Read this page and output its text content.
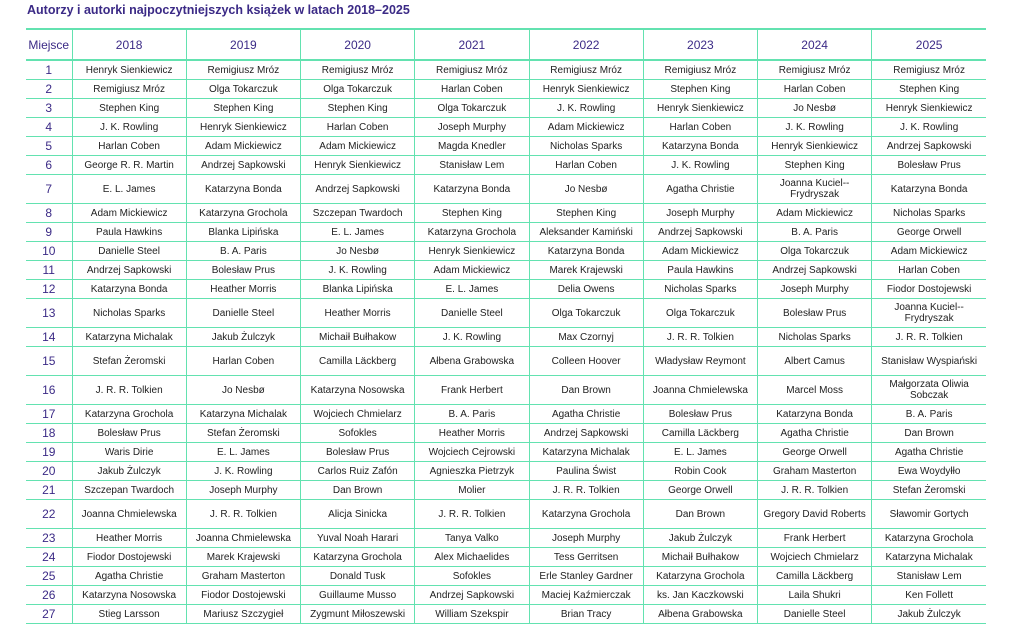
Autorzy i autorki najpoczytniejszych książek w latach 2018–2025
Miejsce	2018	2019	2020	2021	2022	2023	2024	2025
1	Henryk Sienkiewicz	Remigiusz Mróz	Remigiusz Mróz	Remigiusz Mróz	Remigiusz Mróz	Remigiusz Mróz	Remigiusz Mróz	Remigiusz Mróz
2	Remigiusz Mróz	Olga Tokarczuk	Olga Tokarczuk	Harlan Coben	Henryk Sienkiewicz	Stephen King	Harlan Coben	Stephen King
3	Stephen King	Stephen King	Stephen King	Olga Tokarczuk	J. K. Rowling	Henryk Sienkiewicz	Jo Nesbø	Henryk Sienkiewicz
4	J. K. Rowling	Henryk Sienkiewicz	Harlan Coben	Joseph Murphy	Adam Mickiewicz	Harlan Coben	J. K. Rowling	J. K. Rowling
5	Harlan Coben	Adam Mickiewicz	Adam Mickiewicz	Magda Knedler	Nicholas Sparks	Katarzyna Bonda	Henryk Sienkiewicz	Andrzej Sapkowski
6	George R. R. Martin	Andrzej Sapkowski	Henryk Sienkiewicz	Stanisław Lem	Harlan Coben	J. K. Rowling	Stephen King	Bolesław Prus
7	E. L. James	Katarzyna Bonda	Andrzej Sapkowski	Katarzyna Bonda	Jo Nesbø	Agatha Christie	Joanna Kuciel--Frydryszak	Katarzyna Bonda
8	Adam Mickiewicz	Katarzyna Grochola	Szczepan Twardoch	Stephen King	Stephen King	Joseph Murphy	Adam Mickiewicz	Nicholas Sparks
9	Paula Hawkins	Blanka Lipińska	E. L. James	Katarzyna Grochola	Aleksander Kamiński	Andrzej Sapkowski	B. A. Paris	George Orwell
10	Danielle Steel	B. A. Paris	Jo Nesbø	Henryk Sienkiewicz	Katarzyna Bonda	Adam Mickiewicz	Olga Tokarczuk	Adam Mickiewicz
11	Andrzej Sapkowski	Bolesław Prus	J. K. Rowling	Adam Mickiewicz	Marek Krajewski	Paula Hawkins	Andrzej Sapkowski	Harlan Coben
12	Katarzyna Bonda	Heather Morris	Blanka Lipińska	E. L. James	Delia Owens	Nicholas Sparks	Joseph Murphy	Fiodor Dostojewski
13	Nicholas Sparks	Danielle Steel	Heather Morris	Danielle Steel	Olga Tokarczuk	Olga Tokarczuk	Bolesław Prus	Joanna Kuciel--Frydryszak
14	Katarzyna Michalak	Jakub Żulczyk	Michaił Bułhakow	J. K. Rowling	Max Czornyj	J. R. R. Tolkien	Nicholas Sparks	J. R. R. Tolkien
15	Stefan Żeromski	Harlan Coben	Camilla Läckberg	Ałbena Grabowska	Colleen Hoover	Władysław Reymont	Albert Camus	Stanisław Wyspiański
16	J. R. R. Tolkien	Jo Nesbø	Katarzyna Nosowska	Frank Herbert	Dan Brown	Joanna Chmielewska	Marcel Moss	Małgorzata Oliwia Sobczak
17	Katarzyna Grochola	Katarzyna Michalak	Wojciech Chmielarz	B. A. Paris	Agatha Christie	Bolesław Prus	Katarzyna Bonda	B. A. Paris
18	Bolesław Prus	Stefan Żeromski	Sofokles	Heather Morris	Andrzej Sapkowski	Camilla Läckberg	Agatha Christie	Dan Brown
19	Waris Dirie	E. L. James	Bolesław Prus	Wojciech Cejrowski	Katarzyna Michalak	E. L. James	George Orwell	Agatha Christie
20	Jakub Żulczyk	J. K. Rowling	Carlos Ruiz Zafón	Agnieszka Pietrzyk	Paulina Świst	Robin Cook	Graham Masterton	Ewa Woydyłło
21	Szczepan Twardoch	Joseph Murphy	Dan Brown	Molier	J. R. R. Tolkien	George Orwell	J. R. R. Tolkien	Stefan Żeromski
22	Joanna Chmielewska	J. R. R. Tolkien	Alicja Sinicka	J. R. R. Tolkien	Katarzyna Grochola	Dan Brown	Gregory David Roberts	Sławomir Gortych
23	Heather Morris	Joanna Chmielewska	Yuval Noah Harari	Tanya Valko	Joseph Murphy	Jakub Żulczyk	Frank Herbert	Katarzyna Grochola
24	Fiodor Dostojewski	Marek Krajewski	Katarzyna Grochola	Alex Michaelides	Tess Gerritsen	Michaił Bułhakow	Wojciech Chmielarz	Katarzyna Michalak
25	Agatha Christie	Graham Masterton	Donald Tusk	Sofokles	Erle Stanley Gardner	Katarzyna Grochola	Camilla Läckberg	Stanisław Lem
26	Katarzyna Nosowska	Fiodor Dostojewski	Guillaume Musso	Andrzej Sapkowski	Maciej Kaźmierczak	ks. Jan Kaczkowski	Laila Shukri	Ken Follett
27	Stieg Larsson	Mariusz Szczygieł	Zygmunt Miłoszewski	William Szekspir	Brian Tracy	Ałbena Grabowska	Danielle Steel	Jakub Żulczyk
